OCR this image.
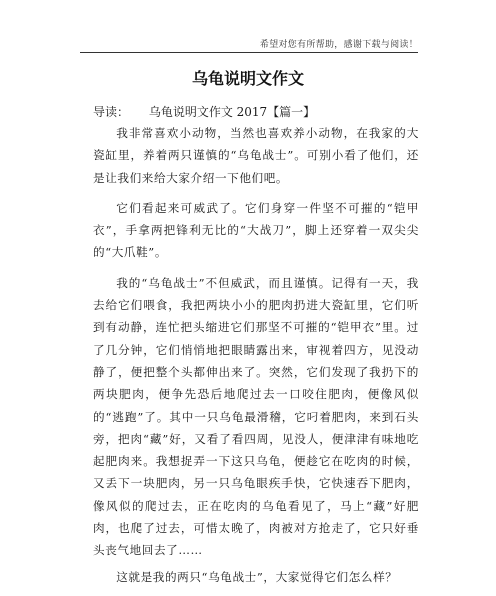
希望对您有所帮助，感谢下载与阅读！
乌龟说明文作文
导读： 乌龟说明文作文 2017【篇一】

我非常喜欢小动物，当然也喜欢养小动物，在我家的大瓷缸里，养着两只谨慎的“乌龟战士”。可别小看了他们，还是让我们来给大家介绍一下他们吧。

它们看起来可威武了。它们身穿一件坚不可摧的“铠甲衣”，手拿两把锋利无比的“大战刀”，脚上还穿着一双尖尖的“大爪鞋”。

我的“乌龟战士”不但威武，而且谨慎。记得有一天，我去给它们喂食，我把两块小小的肥肉扔进大瓷缸里，它们听到有动静，连忙把头缩进它们那坚不可摧的“铠甲衣”里。过了几分钟，它们悄悄地把眼睛露出来，审视着四方，见没动静了，便把整个头都伸出来了。突然，它们发现了我扔下的两块肥肉，便争先恐后地爬过去一口咬住肥肉，便像风似的“逃跑”了。其中一只乌龟最滑稽，它叼着肥肉，来到石头旁，把肉“藏”好，又看了看四周，见没人，便津津有味地吃起肥肉来。我想捉弄一下这只乌龟，便趁它在吃肉的时候，又丢下一块肥肉，另一只乌龟眼疾手快，它快速吞下肥肉，像风似的爬过去，正在吃肉的乌龟看见了，马上“藏”好肥肉，也爬了过去，可惜太晚了，肉被对方抢走了，它只好垂头丧气地回去了……

这就是我的两只“乌龟战士”，大家觉得它们怎么样？
